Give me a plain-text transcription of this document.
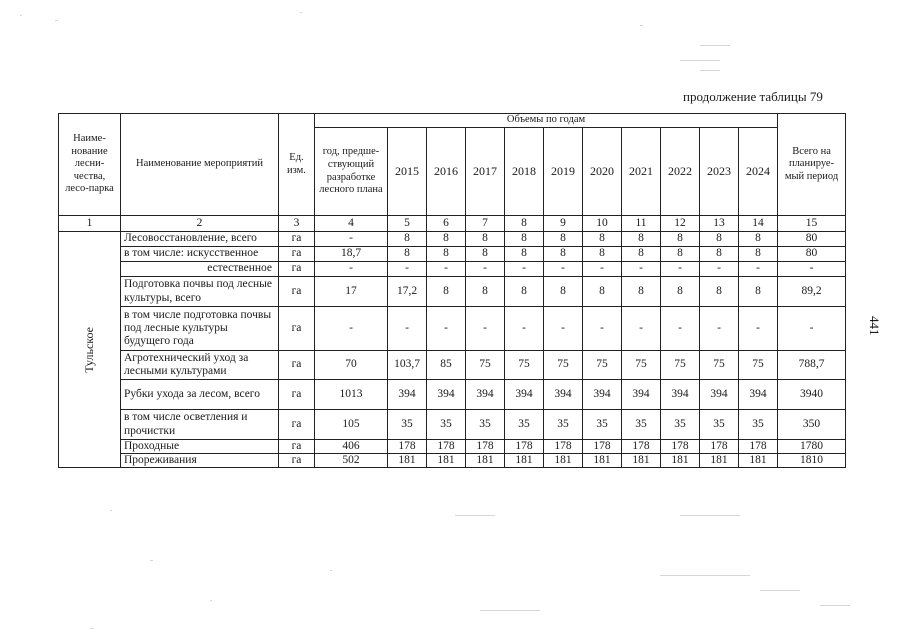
продолжение таблицы 79
Наиме-нование лесни-чества, лесо-парка	Наименование мероприятий	Ед. изм.	Объемы по годам											Всего на планируе-мый период
			год, предше-ствующий разработке лесного плана	2015	2016	2017	2018	2019	2020	2021	2022	2023	2024	
1	2	3	4	5	6	7	8	9	10	11	12	13	14	15

Тульское	Лесовосстановление, всего	га	-	8	8	8	8	8	8	8	8	8	8	80
	в том числе: искусственное	га	18,7	8	8	8	8	8	8	8	8	8	8	80
	естественное	га	-	-	-	-	-	-	-	-	-	-	-	-
	Подготовка почвы под лесные культуры, всего	га	17	17,2	8	8	8	8	8	8	8	8	8	89,2
	в том числе подготовка почвы под лесные культуры будущего года	га	-	-	-	-	-	-	-	-	-	-	-	-
	Агротехнический уход за лесными культурами	га	70	103,7	85	75	75	75	75	75	75	75	75	788,7
	Рубки ухода за лесом, всего	га	1013	394	394	394	394	394	394	394	394	394	394	3940
	в том числе осветления и прочистки	га	105	35	35	35	35	35	35	35	35	35	35	350
	Проходные	га	406	178	178	178	178	178	178	178	178	178	178	1780
	Прореживания	га	502	181	181	181	181	181	181	181	181	181	181	1810
441
